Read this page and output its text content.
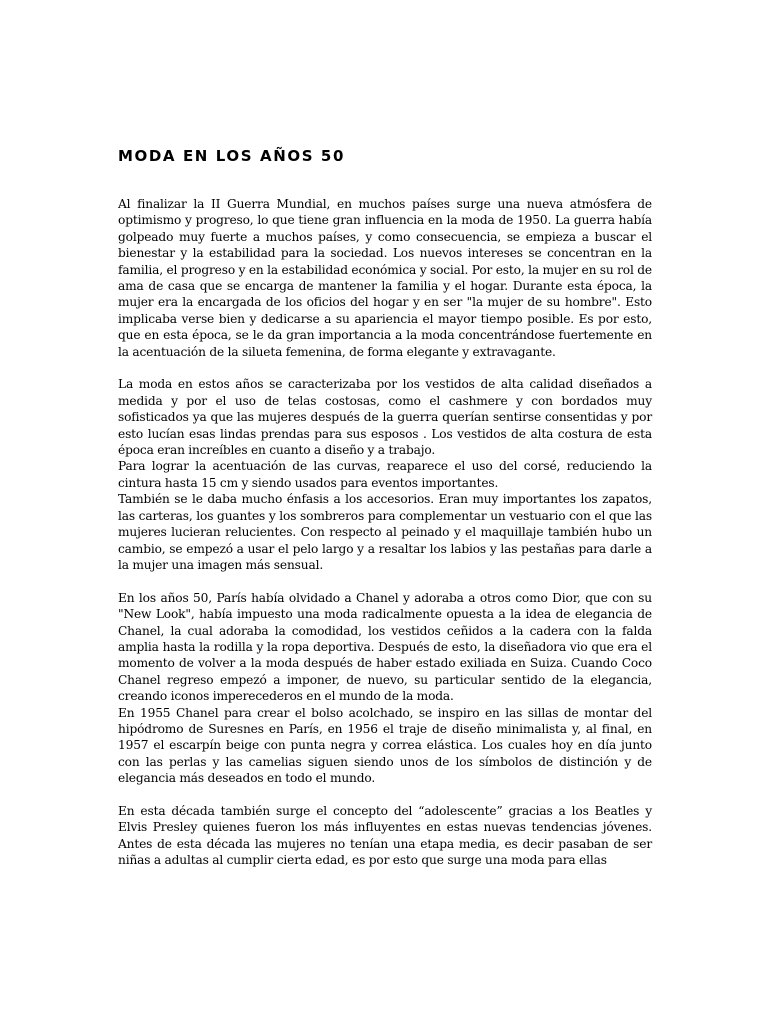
MODA EN LOS AÑOS 50

Al finalizar la II Guerra Mundial, en muchos países surge una nueva atmósfera de optimismo y progreso, lo que tiene gran influencia en la moda de 1950. La guerra había golpeado muy fuerte a muchos países, y como consecuencia, se empieza a buscar el bienestar y la estabilidad para la sociedad. Los nuevos intereses se concentran en la familia, el progreso y en la estabilidad económica y social. Por esto, la mujer en su rol de ama de casa que se encarga de mantener la familia y el hogar. Durante esta época, la mujer era la encargada de los oficios del hogar y en ser "la mujer de su hombre". Esto implicaba verse bien y dedicarse a su apariencia el mayor tiempo posible. Es por esto, que en esta época, se le da gran importancia a la moda concentrándose fuertemente en la acentuación de la silueta femenina, de forma elegante y extravagante.

La moda en estos años se caracterizaba por los vestidos de alta calidad diseñados a medida y por el uso de telas costosas, como el cashmere y con bordados muy sofisticados ya que las mujeres después de la guerra querían sentirse consentidas y por esto lucían esas lindas prendas para sus esposos . Los vestidos de alta costura de esta época eran increíbles en cuanto a diseño y a trabajo.

Para lograr la acentuación de las curvas, reaparece el uso del corsé, reduciendo la cintura hasta 15 cm y siendo usados para eventos importantes.

También se le daba mucho énfasis a los accesorios. Eran muy importantes los zapatos, las carteras, los guantes y los sombreros para complementar un vestuario con el que las mujeres lucieran relucientes. Con respecto al peinado y el maquillaje también hubo un cambio, se empezó a usar el pelo largo y a resaltar los labios y las pestañas para darle a la mujer una imagen más sensual.

En los años 50, París había olvidado a Chanel y adoraba a otros como Dior, que con su "New Look", había impuesto una moda radicalmente opuesta a la idea de elegancia de Chanel, la cual adoraba la comodidad, los vestidos ceñidos a la cadera con la falda amplia hasta la rodilla y la ropa deportiva. Después de esto, la diseñadora vio que era el momento de volver a la moda después de haber estado exiliada en Suiza. Cuando Coco Chanel regreso empezó a imponer, de nuevo, su particular sentido de la elegancia, creando iconos imperecederos en el mundo de la moda.

En 1955 Chanel para crear el bolso acolchado, se inspiro en las sillas de montar del hipódromo de Suresnes en París, en 1956 el traje de diseño minimalista y, al final, en 1957 el escarpín beige con punta negra y correa elástica. Los cuales hoy en día junto con las perlas y las camelias siguen siendo unos de los símbolos de distinción y de elegancia más deseados en todo el mundo.

En esta década también surge el concepto del “adolescente” gracias a los Beatles y Elvis Presley quienes fueron los más influyentes en estas nuevas tendencias jóvenes. Antes de esta década las mujeres no tenían una etapa media, es decir pasaban de ser niñas a adultas al cumplir cierta edad, es por esto que surge una moda para ellas
